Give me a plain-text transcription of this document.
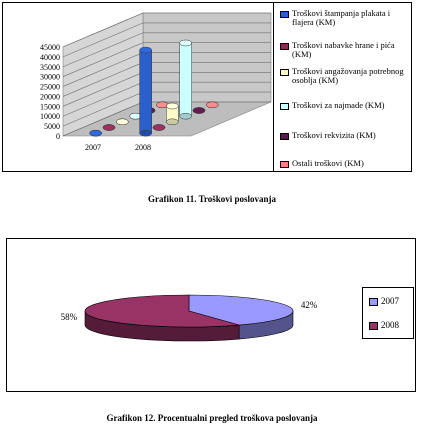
0
5000
10000
15000
20000
25000
30000
35000
40000
45000
2007	2008
Troškovi štampanja plakata i flajera (KM)
Troškovi nabavke hrane i pića (KM)
Troškovi angažovanja potrebnog osoblja (KM)
Troškovi za najmade (KM)
Troškovi rekvizita (KM)
Ostali troškovi (KM)
Grafikon 11. Troškovi poslovanja
42%
58%
2007
2008
Grafikon 12. Procentualni pregled troškova poslovanja
